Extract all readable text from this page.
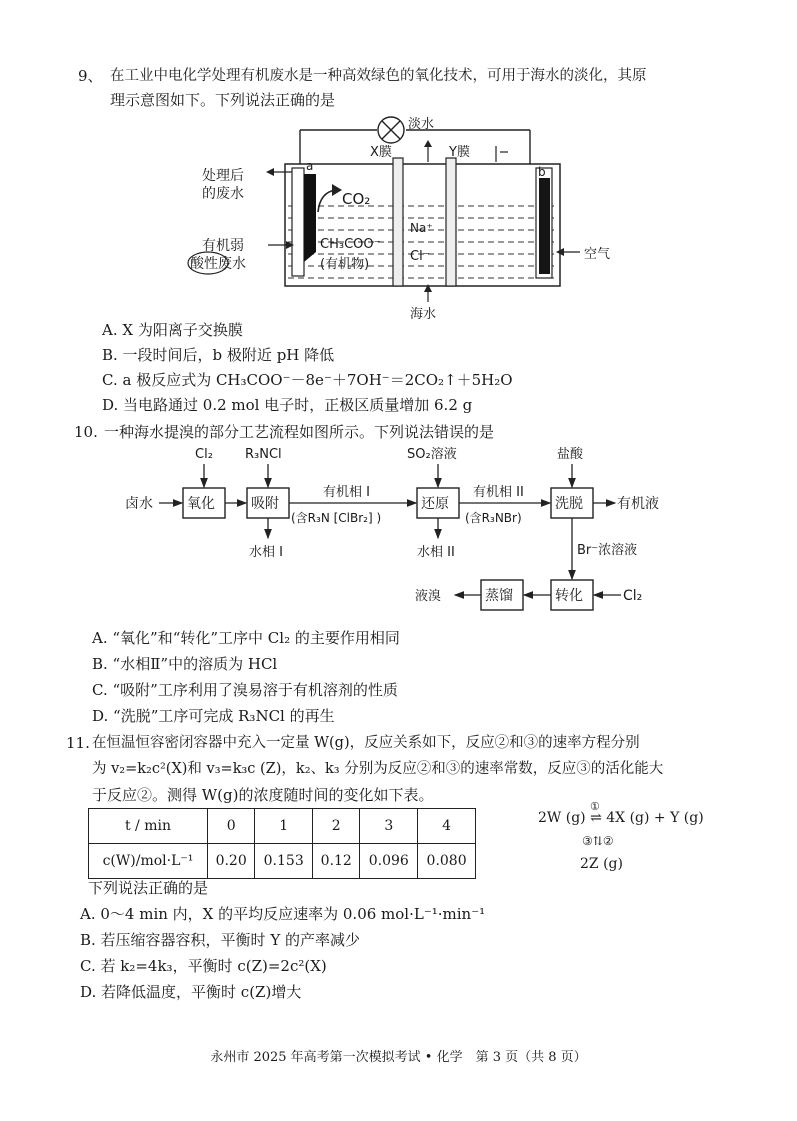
9、 在工业中电化学处理有机废水是一种高效绿色的氧化技术，可用于海水的淡化，其原
理示意图如下。下列说法正确的是
a	b
X膜	Y膜
淡水
CO₂
CH₃COO⁻
(有机物)
Na⁺
Cl⁻	空气
海水
处理后
的废水
有机弱
酸性废水
A. X 为阳离子交换膜
B. 一段时间后，b 极附近 pH 降低
C. a 极反应式为 CH₃COO⁻－8e⁻＋7OH⁻＝2CO₂↑＋5H₂O
D. 当电路通过 0.2 mol 电子时，正极区质量增加 6.2 g
10. 一种海水提溴的部分工艺流程如图所示。下列说法错误的是
卤水 氧化	吸附	还原	洗脱
转化
蒸馏
Cl₂ R₃NCl	SO₂溶液	盐酸
有机相 I
(含R₃N [ClBr₂] )
有机相 II
(含R₃NBr)
有机液
水相 I	水相 II	Br⁻浓溶液
液溴	Cl₂
A. “氧化”和“转化”工序中 Cl₂ 的主要作用相同
B. “水相Ⅱ”中的溶质为 HCl
C. “吸附”工序利用了溴易溶于有机溶剂的性质
D. “洗脱”工序可完成 R₃NCl 的再生
11. 在恒温恒容密闭容器中充入一定量 W(g)，反应关系如下，反应②和③的速率方程分别
为 v₂=k₂c²(X)和 v₃=k₃c (Z)，k₂、k₃ 分别为反应②和③的速率常数，反应③的活化能大
于反应②。测得 W(g)的浓度随时间的变化如下表。
t / min	0	1	2	3	4
c(W)/mol·L⁻¹	0.20	0.153	0.12	0.096	0.080
①
2W (g) ⇌ 4X (g) + Y (g)
③⇅②
2Z (g)
下列说法正确的是
A. 0～4 min 内，X 的平均反应速率为 0.06 mol·L⁻¹·min⁻¹
B. 若压缩容器容积，平衡时 Y 的产率减少
C. 若 k₂=4k₃，平衡时 c(Z)=2c²(X)
D. 若降低温度，平衡时 c(Z)增大
永州市 2025 年高考第一次模拟考试 • 化学　第 3 页（共 8 页）
